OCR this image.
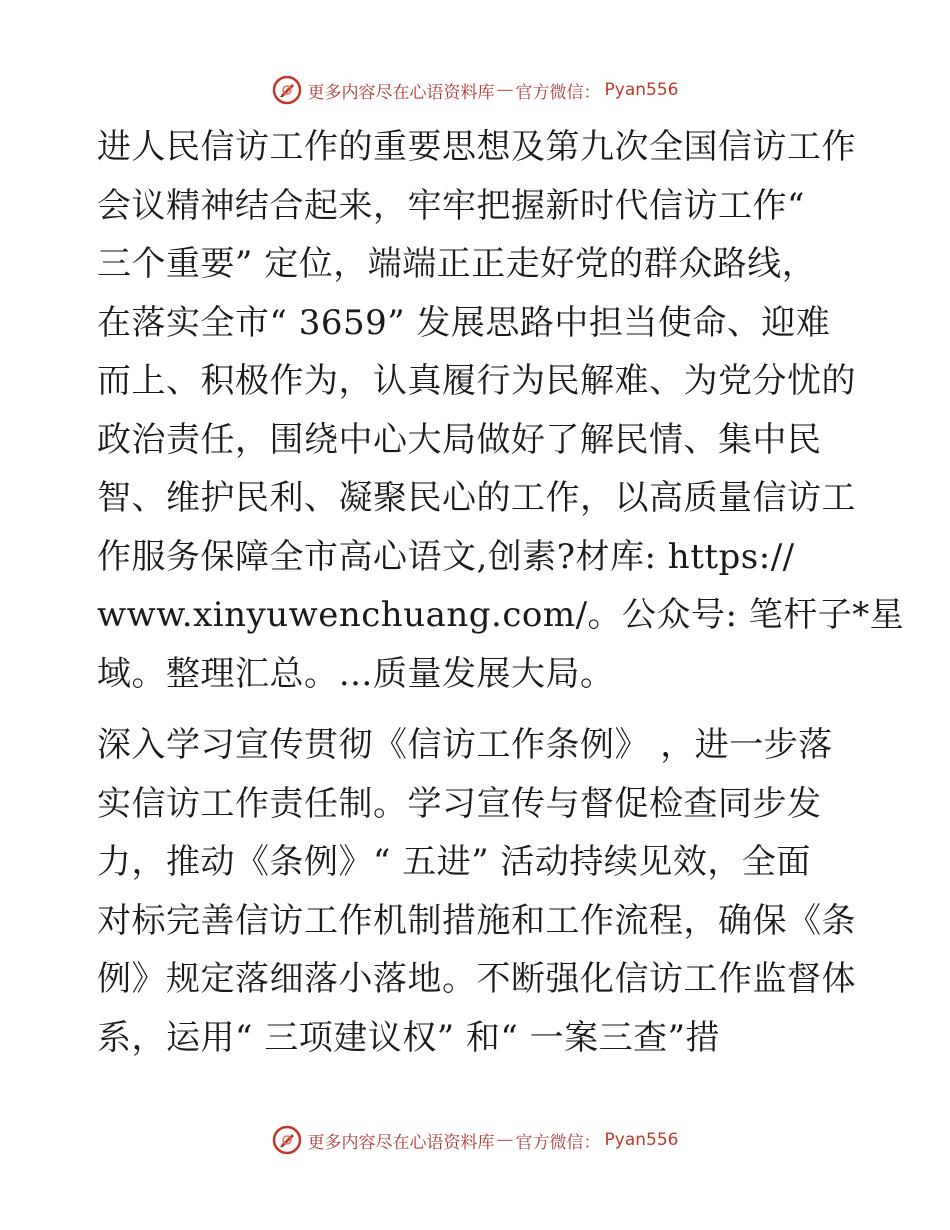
更多内容尽在心语资料库 — 官方微信： Pyan556
进人民信访工作的重要思想及第九次全国信访工作
会议精神结合起来，牢牢把握新时代信访工作“
三个重要” 定位，端端正正走好党的群众路线，
在落实全市“ 3659” 发展思路中担当使命、迎难
而上、积极作为，认真履行为民解难、为党分忧的
政治责任，围绕中心大局做好了解民情、集中民
智、维护民利、凝聚民心的工作，以高质量信访工
作服务保障全市高心语文,创素?材库: https://
www.xinyuwenchuang.com/。公众号: 笔杆子*星
域。整理汇总。…质量发展大局。
深入学习宣传贯彻《信访工作条例》 ，进一步落
实信访工作责任制。学习宣传与督促检查同步发
力，推动《条例》“ 五进” 活动持续见效，全面
对标完善信访工作机制措施和工作流程，确保《条
例》规定落细落小落地。不断强化信访工作监督体
系，运用“ 三项建议权” 和“ 一案三查”措
更多内容尽在心语资料库 — 官方微信： Pyan556
